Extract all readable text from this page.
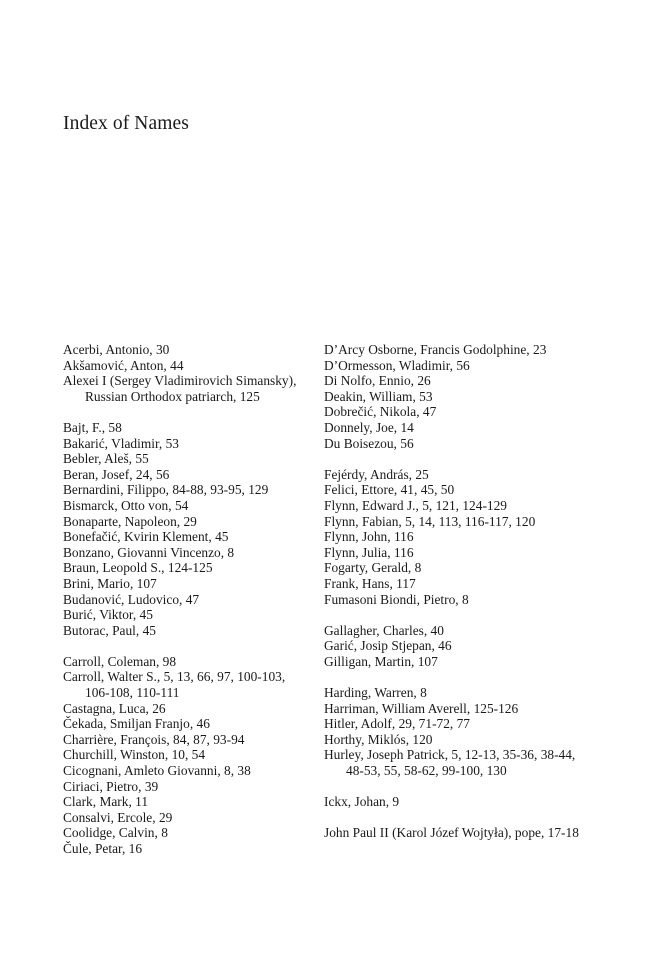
Index of Names
Acerbi, Antonio, 30
Akšamović, Anton, 44
Alexei I (Sergey Vladimirovich Simansky), Russian Orthodox patriarch, 125
Bajt, F., 58
Bakarić, Vladimir, 53
Bebler, Aleš, 55
Beran, Josef, 24, 56
Bernardini, Filippo, 84-88, 93-95, 129
Bismarck, Otto von, 54
Bonaparte, Napoleon, 29
Bonefačić, Kvirin Klement, 45
Bonzano, Giovanni Vincenzo, 8
Braun, Leopold S., 124-125
Brini, Mario, 107
Budanović, Ludovico, 47
Burić, Viktor, 45
Butorac, Paul, 45
Carroll, Coleman, 98
Carroll, Walter S., 5, 13, 66, 97, 100-103, 106-108, 110-111
Castagna, Luca, 26
Čekada, Smiljan Franjo, 46
Charrière, François, 84, 87, 93-94
Churchill, Winston, 10, 54
Cicognani, Amleto Giovanni, 8, 38
Ciriaci, Pietro, 39
Clark, Mark, 11
Consalvi, Ercole, 29
Coolidge, Calvin, 8
Čule, Petar, 16
D’Arcy Osborne, Francis Godolphine, 23
D’Ormesson, Wladimir, 56
Di Nolfo, Ennio, 26
Deakin, William, 53
Dobrečić, Nikola, 47
Donnely, Joe, 14
Du Boisezou, 56
Fejérdy, András, 25
Felici, Ettore, 41, 45, 50
Flynn, Edward J., 5, 121, 124-129
Flynn, Fabian, 5, 14, 113, 116-117, 120
Flynn, John, 116
Flynn, Julia, 116
Fogarty, Gerald, 8
Frank, Hans, 117
Fumasoni Biondi, Pietro, 8
Gallagher, Charles, 40
Garić, Josip Stjepan, 46
Gilligan, Martin, 107
Harding, Warren, 8
Harriman, William Averell, 125-126
Hitler, Adolf, 29, 71-72, 77
Horthy, Miklós, 120
Hurley, Joseph Patrick, 5, 12-13, 35-36, 38-44, 48-53, 55, 58-62, 99-100, 130
Ickx, Johan, 9
John Paul II (Karol Józef Wojtyła), pope, 17-18
